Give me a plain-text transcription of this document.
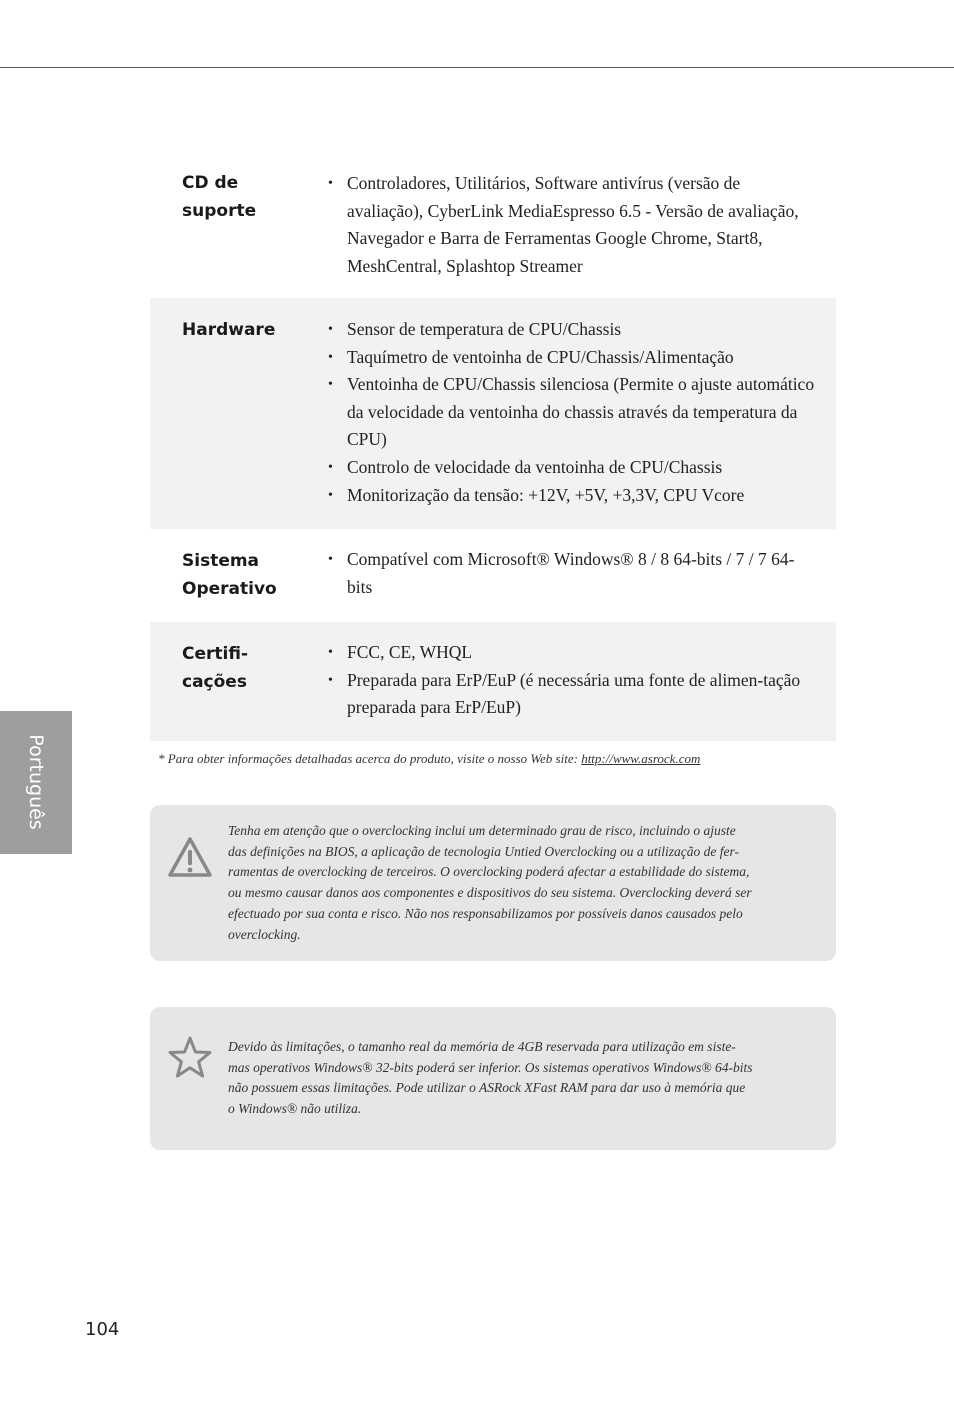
CD de
suporte

• Controladores, Utilitários, Software antivírus (versão de avaliação), CyberLink MediaEspresso 6.5 - Versão de avaliação, Navegador e Barra de Ferramentas Google Chrome, Start8, MeshCentral, Splashtop Streamer

Hardware

•	Sensor de temperatura de CPU/Chassis
• Taquímetro de ventoinha de CPU/Chassis/Alimentação
• Ventoinha de CPU/Chassis silenciosa (Permite o ajuste automático da velocidade da ventoinha do chassis através da temperatura da CPU)
• Controlo de velocidade da ventoinha de CPU/Chassis
• Monitorização da tensão: +12V, +5V, +3,3V, CPU Vcore

Sistema
Operativo

• Compatível com Microsoft® Windows® 8 / 8 64-bits / 7 / 7 64-bits

Certifi-
cações

• FCC, CE, WHQL
• Preparada para ErP/EuP (é necessária uma fonte de alimen-tação preparada para ErP/EuP)
* Para obter informações detalhadas acerca do produto, visite o nosso Web site: http://www.asrock.com

Tenha em atenção que o overclocking inclui um determinado grau de risco, incluindo o ajuste
das definições na BIOS, a aplicação de tecnologia Untied Overclocking ou a utilização de fer-
ramentas de overclocking de terceiros. O overclocking poderá afectar a estabilidade do sistema,
ou mesmo causar danos aos componentes e dispositivos do seu sistema. Overclocking deverá ser
efectuado por sua conta e risco. Não nos responsabilizamos por possíveis danos causados pelo
overclocking.

Devido às limitações, o tamanho real da memória de 4GB reservada para utilização em siste-
mas operativos Windows® 32-bits poderá ser inferior. Os sistemas operativos Windows® 64-bits
não possuem essas limitações. Pode utilizar o ASRock XFast RAM para dar uso à memória que
o Windows® não utiliza.

Português
104
